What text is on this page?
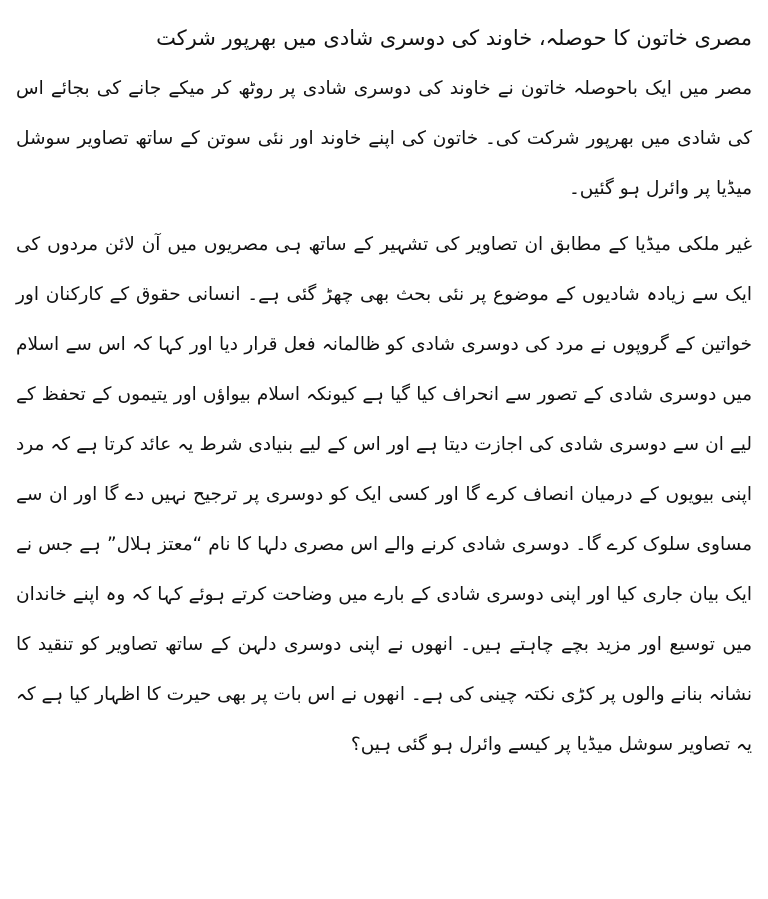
مصری خاتون کا حوصلہ، خاوند کی دوسری شادی میں بھرپور شرکت

مصر میں ایک باحوصلہ خاتون نے خاوند کی دوسری شادی پر روٹھ کر میکے جانے کی بجائے اس کی شادی میں بھرپور شرکت کی۔ خاتون کی اپنے خاوند اور نئی سوتن کے ساتھ تصاویر سوشل میڈیا پر وائرل ہو گئیں۔

غیر ملکی میڈیا کے مطابق ان تصاویر کی تشہیر کے ساتھ ہی مصریوں میں آن لائن مردوں کی ایک سے زیادہ شادیوں کے موضوع پر نئی بحث بھی چھڑ گئی ہے۔ انسانی حقوق کے کارکنان اور خواتین کے گروپوں نے مرد کی دوسری شادی کو ظالمانہ فعل قرار دیا اور کہا کہ اس سے اسلام میں دوسری شادی کے تصور سے انحراف کیا گیا ہے کیونکہ اسلام بیواؤں اور یتیموں کے تحفظ کے لیے ان سے دوسری شادی کی اجازت دیتا ہے اور اس کے لیے بنیادی شرط یہ عائد کرتا ہے کہ مرد اپنی بیویوں کے درمیان انصاف کرے گا اور کسی ایک کو دوسری پر ترجیح نہیں دے گا اور ان سے مساوی سلوک کرے گا۔ دوسری شادی کرنے والے اس مصری دلہا کا نام “معتز ہلال” ہے جس نے ایک بیان جاری کیا اور اپنی دوسری شادی کے بارے میں وضاحت کرتے ہوئے کہا کہ وہ اپنے خاندان میں توسیع اور مزید بچے چاہتے ہیں۔ انھوں نے اپنی دوسری دلہن کے ساتھ تصاویر کو تنقید کا نشانہ بنانے والوں پر کڑی نکتہ چینی کی ہے۔ انھوں نے اس بات پر بھی حیرت کا اظہار کیا ہے کہ یہ تصاویر سوشل میڈیا پر کیسے وائرل ہو گئی ہیں؟
